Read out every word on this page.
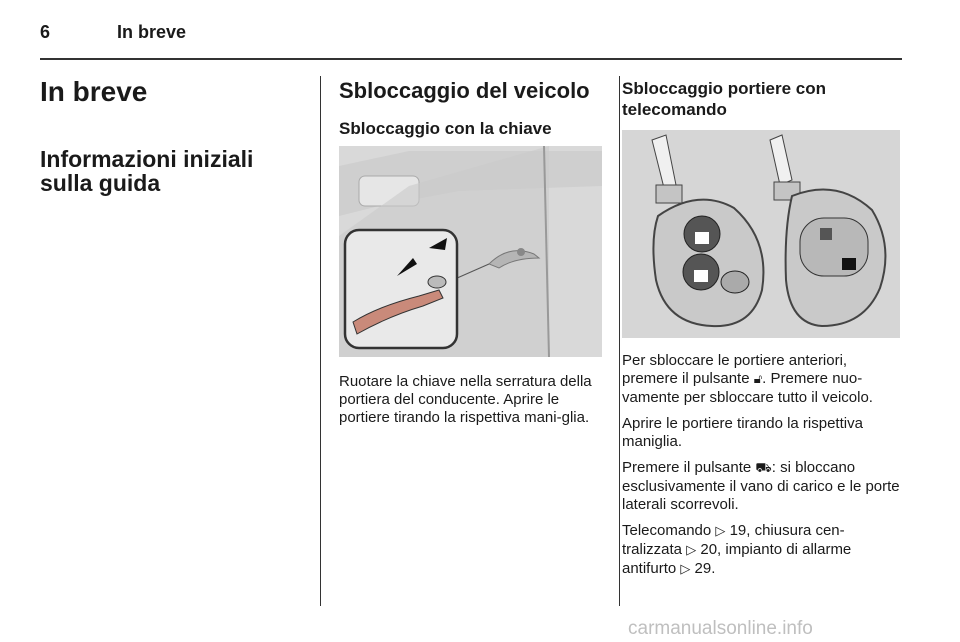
6	In breve
In breve
Informazioni iniziali sulla guida
Sbloccaggio del veicolo
Sbloccaggio con la chiave
Ruotare la chiave nella serratura della portiera del conducente. Aprire le portiere tirando la rispettiva mani-glia.
Sbloccaggio portiere con telecomando

Per sbloccare le portiere anteriori, premere il pulsante 🔓︎. Premere nuo-vamente per sbloccare tutto il veicolo.

Aprire le portiere tirando la rispettiva maniglia.

Premere il pulsante ⛟︎: si bloccano esclusivamente il vano di carico e le porte laterali scorrevoli.

Telecomando ▷ 19, chiusura cen-tralizzata ▷ 20, impianto di allarme antifurto ▷ 29.

carmanualsonline.info
